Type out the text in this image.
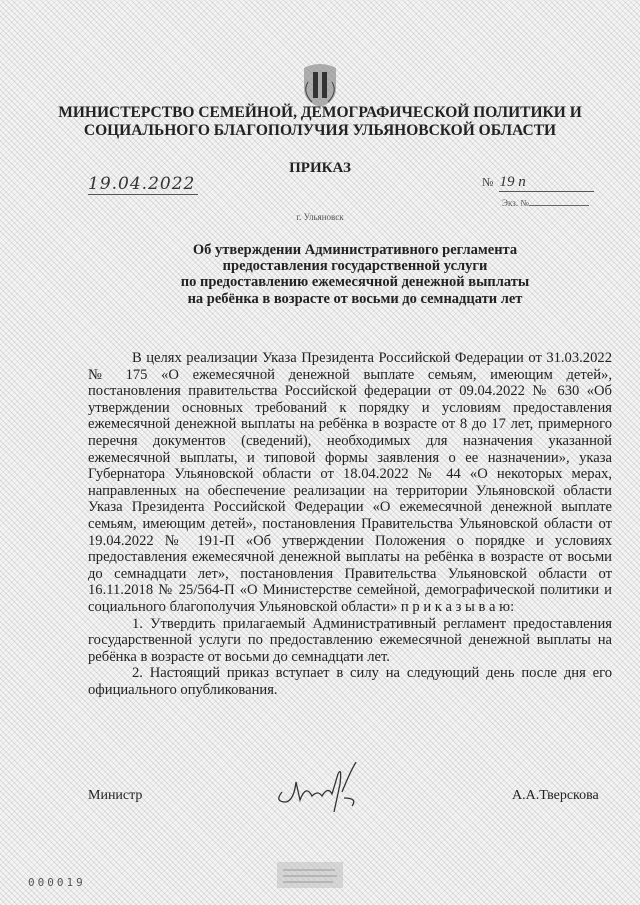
МИНИСТЕРСТВО СЕМЕЙНОЙ, ДЕМОГРАФИЧЕСКОЙ ПОЛИТИКИ И
СОЦИАЛЬНОГО БЛАГОПОЛУЧИЯ УЛЬЯНОВСКОЙ ОБЛАСТИ
ПРИКАЗ
19.04.2022	№ 19 п
Экз. №
г. Ульяновск
Об утверждении Административного регламента
предоставления государственной услуги
по предоставлению ежемесячной денежной выплаты
на ребёнка в возрасте от восьми до семнадцати лет

В целях реализации Указа Президента Российской Федерации от 31.03.2022 № 175 «О ежемесячной денежной выплате семьям, имеющим детей», постановления правительства Российской федерации от 09.04.2022 № 630 «Об утверждении основных требований к порядку и условиям предоставления ежемесячной денежной выплаты на ребёнка в возрасте от 8 до 17 лет, примерного перечня документов (сведений), необходимых для назначения указанной ежемесячной выплаты, и типовой формы заявления о ее назначении», указа Губернатора Ульяновской области от 18.04.2022 № 44 «О некоторых мерах, направленных на обеспечение реализации на территории Ульяновской области Указа Президента Российской Федерации «О ежемесячной денежной выплате семьям, имеющим детей», постановления Правительства Ульяновской области от 19.04.2022 № 191-П «Об утверждении Положения о порядке и условиях предоставления ежемесячной денежной выплаты на ребёнка в возрасте от восьми до семнадцати лет», постановления Правительства Ульяновской области от 16.11.2018 № 25/564-П «О Министерстве семейной, демографической политики и социального благополучия Ульяновской области» п р и к а з ы в а ю:

1. Утвердить прилагаемый Административный регламент предоставления государственной услуги по предоставлению ежемесячной денежной выплаты на ребёнка в возрасте от восьми до семнадцати лет.

2. Настоящий приказ вступает в силу на следующий день после дня его официального опубликования.

Министр	А.А.Тверскова
000019
